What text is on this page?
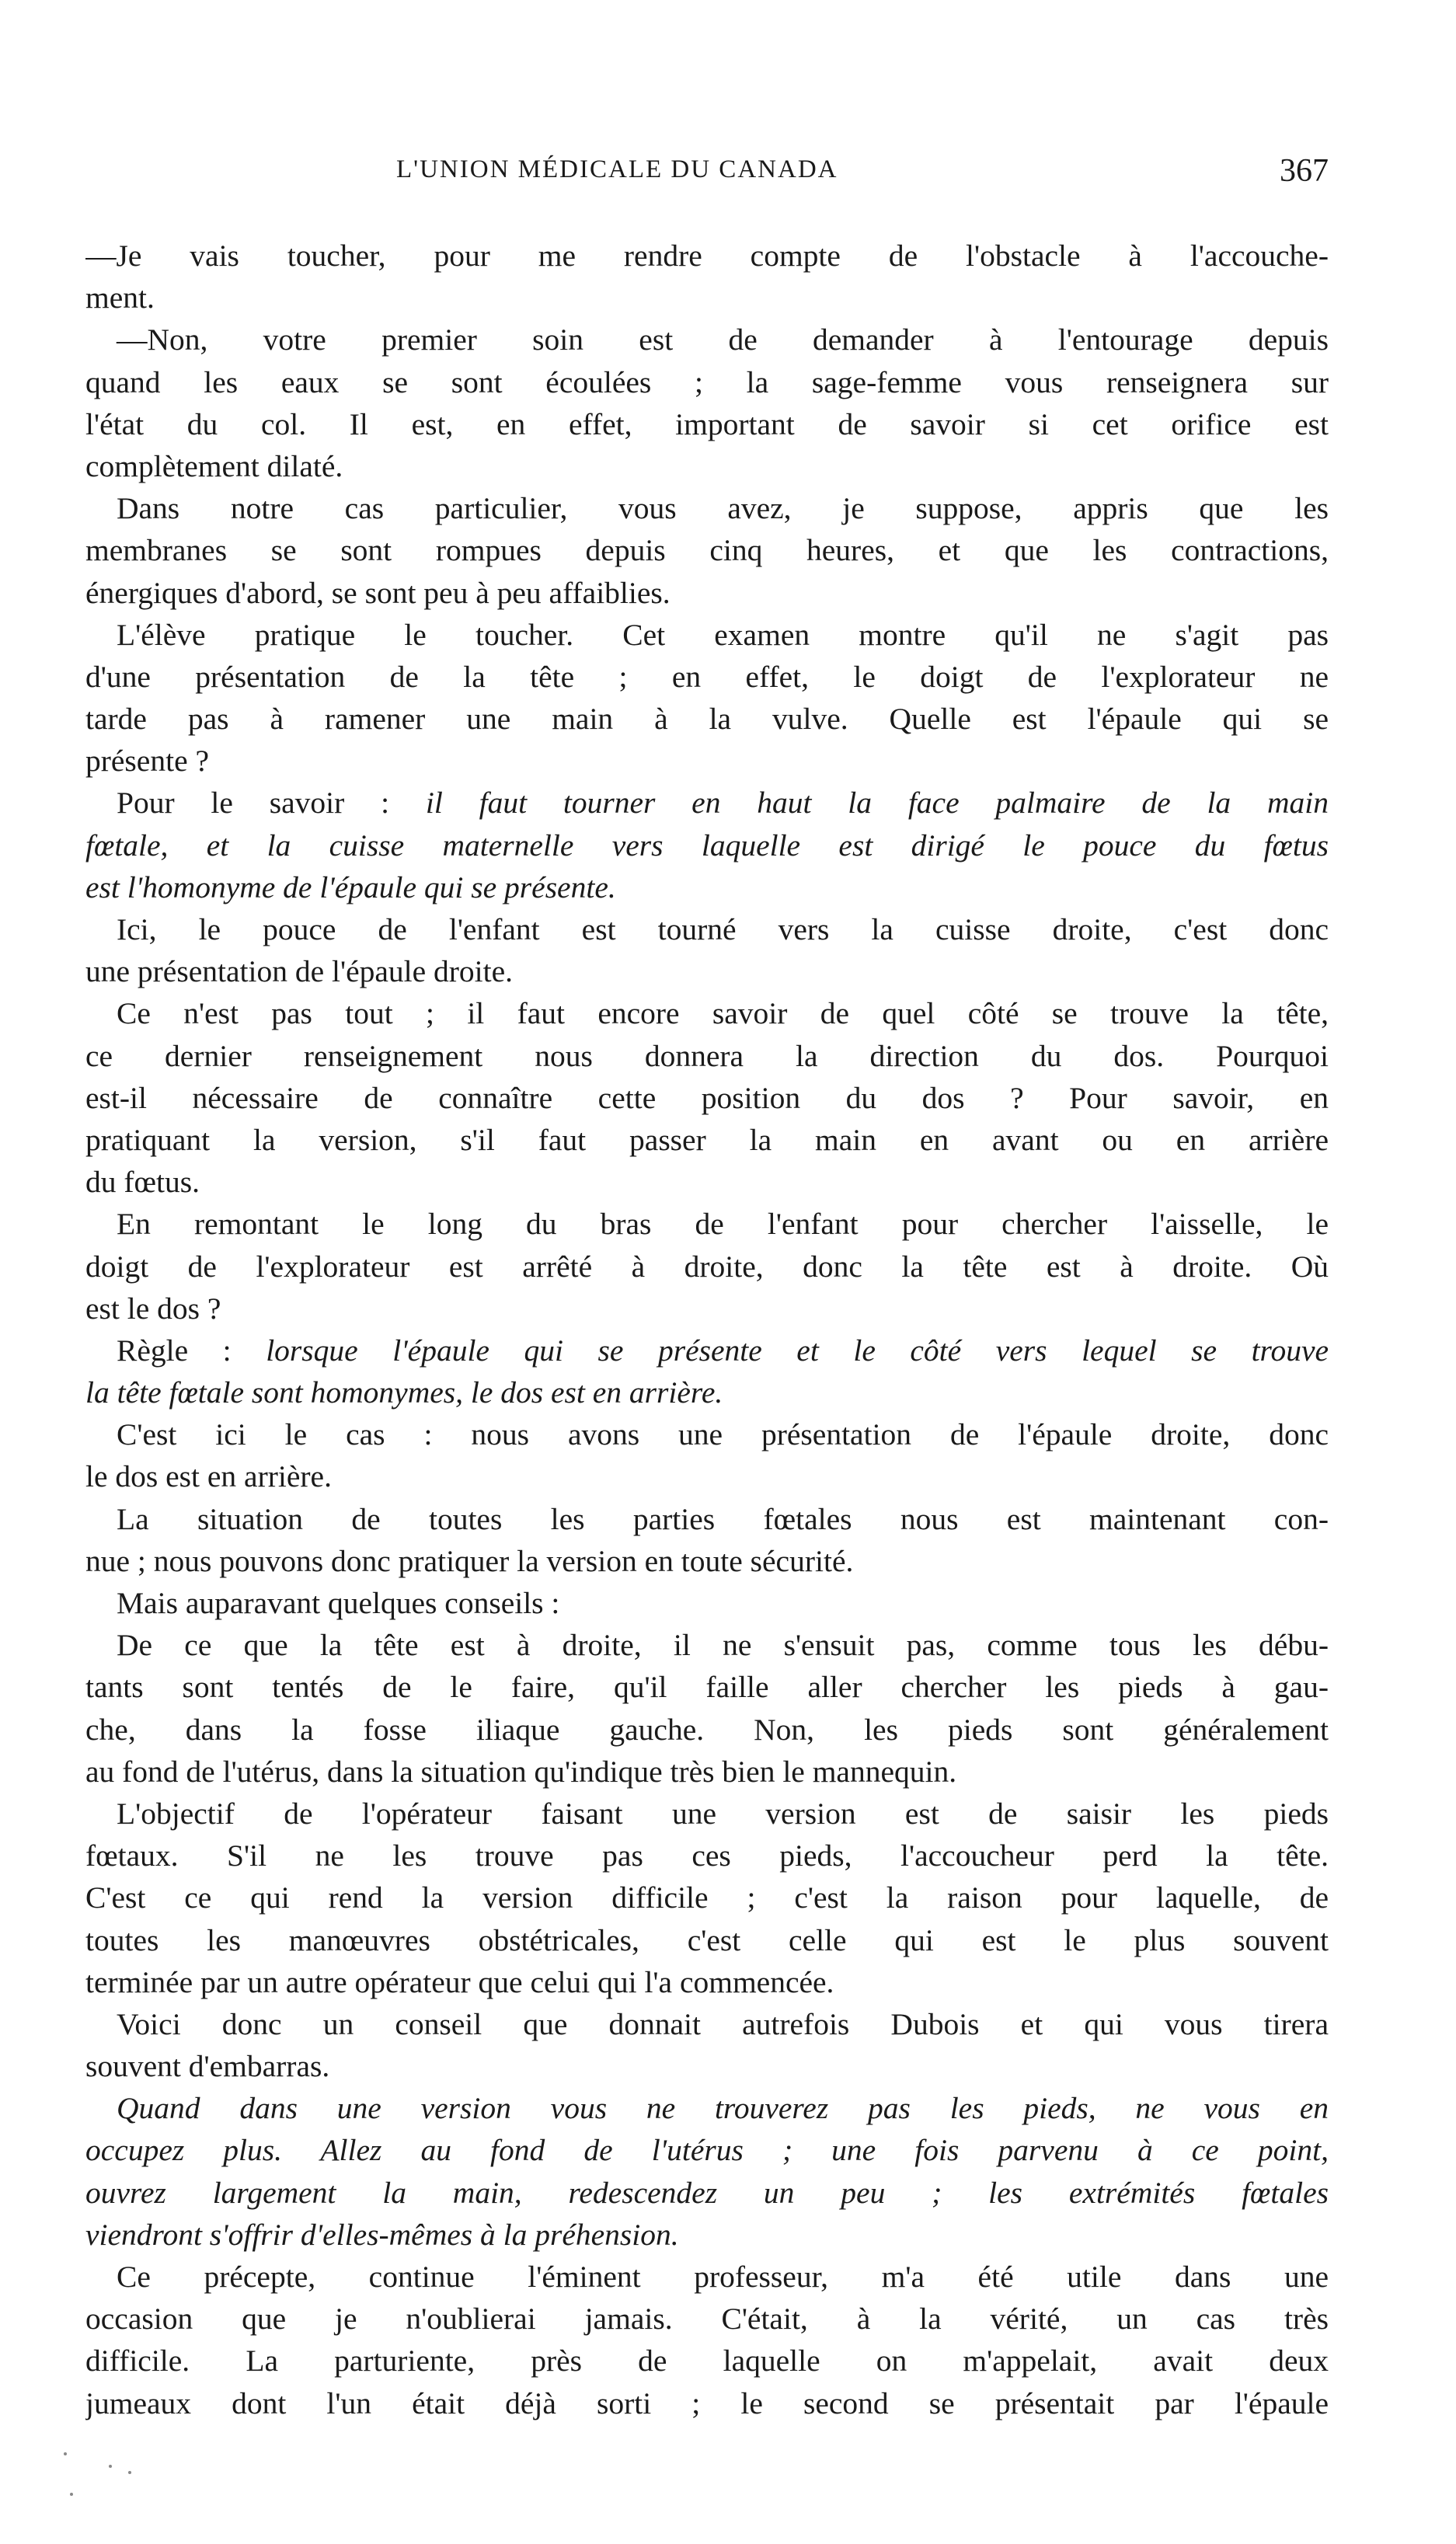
L'UNION MÉDICALE DU CANADA	367
—Je vais toucher, pour me rendre compte de l'obstacle à l'accouche-
ment.
—Non, votre premier soin est de demander à l'entourage depuis
quand les eaux se sont écoulées ; la sage-femme vous renseignera sur
l'état du col. Il est, en effet, important de savoir si cet orifice est
complètement dilaté.
Dans notre cas particulier, vous avez, je suppose, appris que les
membranes se sont rompues depuis cinq heures, et que les contractions,
énergiques d'abord, se sont peu à peu affaiblies.
L'élève pratique le toucher. Cet examen montre qu'il ne s'agit pas
d'une présentation de la tête ; en effet, le doigt de l'explorateur ne
tarde pas à ramener une main à la vulve. Quelle est l'épaule qui se
présente ?
Pour le savoir : il faut tourner en haut la face palmaire de la main
fœtale, et la cuisse maternelle vers laquelle est dirigé le pouce du fœtus
est l'homonyme de l'épaule qui se présente.
Ici, le pouce de l'enfant est tourné vers la cuisse droite, c'est donc
une présentation de l'épaule droite.
Ce n'est pas tout ; il faut encore savoir de quel côté se trouve la tête,
ce dernier renseignement nous donnera la direction du dos. Pourquoi
est-il nécessaire de connaître cette position du dos ? Pour savoir, en
pratiquant la version, s'il faut passer la main en avant ou en arrière
du fœtus.
En remontant le long du bras de l'enfant pour chercher l'aisselle, le
doigt de l'explorateur est arrêté à droite, donc la tête est à droite. Où
est le dos ?
Règle : lorsque l'épaule qui se présente et le côté vers lequel se trouve
la tête fœtale sont homonymes, le dos est en arrière.
C'est ici le cas : nous avons une présentation de l'épaule droite, donc
le dos est en arrière.
La situation de toutes les parties fœtales nous est maintenant con-
nue ; nous pouvons donc pratiquer la version en toute sécurité.
Mais auparavant quelques conseils :
De ce que la tête est à droite, il ne s'ensuit pas, comme tous les débu-
tants sont tentés de le faire, qu'il faille aller chercher les pieds à gau-
che, dans la fosse iliaque gauche. Non, les pieds sont généralement
au fond de l'utérus, dans la situation qu'indique très bien le mannequin.
L'objectif de l'opérateur faisant une version est de saisir les pieds
fœtaux. S'il ne les trouve pas ces pieds, l'accoucheur perd la tête.
C'est ce qui rend la version difficile ; c'est la raison pour laquelle, de
toutes les manœuvres obstétricales, c'est celle qui est le plus souvent
terminée par un autre opérateur que celui qui l'a commencée.
Voici donc un conseil que donnait autrefois Dubois et qui vous tirera
souvent d'embarras.
Quand dans une version vous ne trouverez pas les pieds, ne vous en
occupez plus. Allez au fond de l'utérus ; une fois parvenu à ce point,
ouvrez largement la main, redescendez un peu ; les extrémités fœtales
viendront s'offrir d'elles-mêmes à la préhension.
Ce précepte, continue l'éminent professeur, m'a été utile dans une
occasion que je n'oublierai jamais. C'était, à la vérité, un cas très
difficile. La parturiente, près de laquelle on m'appelait, avait deux
jumeaux dont l'un était déjà sorti ; le second se présentait par l'épaule
